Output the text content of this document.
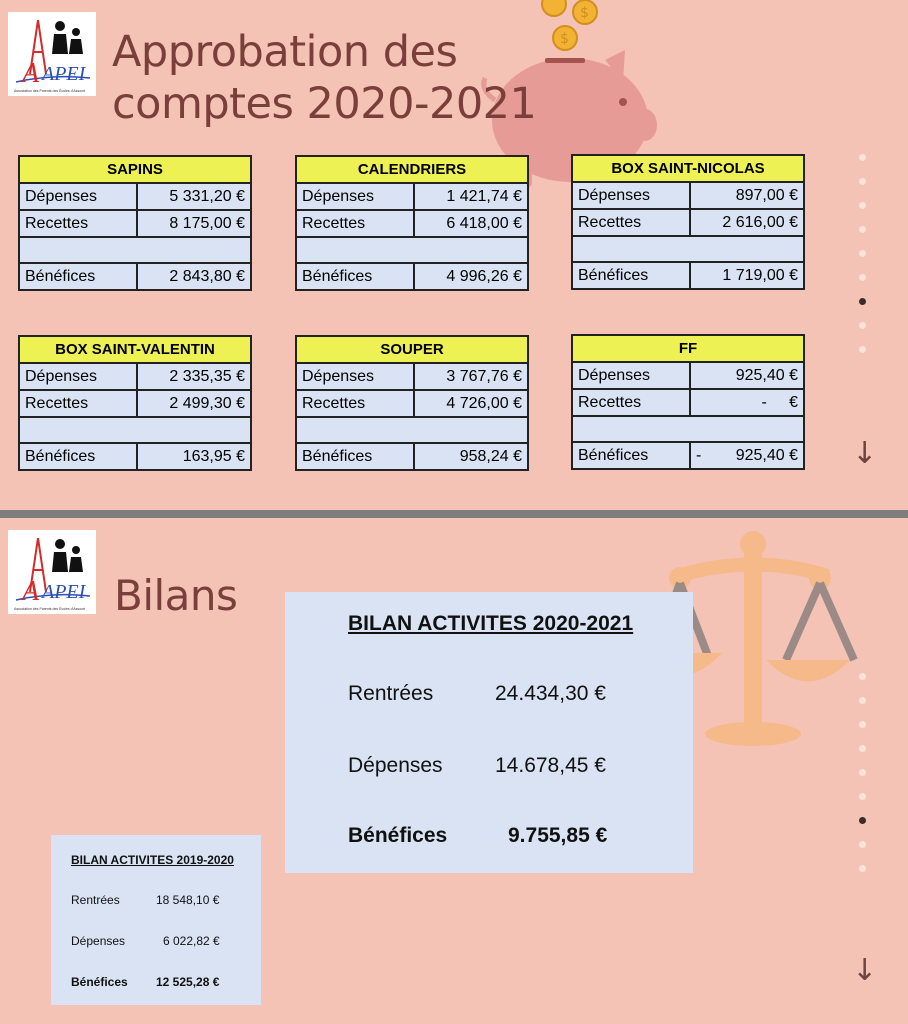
A APEI
Association des Parents des Écoles d'Assoort
$
$
Approbation des comptes 2020-2021
SAPINS	
Dépenses	5 331,20 €
Recettes	8 175,00 €

Bénéfices	2 843,80 €
CALENDRIERS	
Dépenses	1 421,74 €
Recettes	6 418,00 €

Bénéfices	4 996,26 €
BOX SAINT-NICOLAS	
Dépenses	897,00 €
Recettes	2 616,00 €

Bénéfices	1 719,00 €
BOX SAINT-VALENTIN	
Dépenses	2 335,35 €
Recettes	2 499,30 €

Bénéfices	163,95 €
SOUPER	
Dépenses	3 767,76 €
Recettes	4 726,00 €

Bénéfices	958,24 €
FF	
Dépenses	925,40 €
Recettes	-     €

Bénéfices	- 925,40 € ↓
A APEI
Association des Parents des Écoles d'Assoort Bilans
BILAN ACTIVITES 2020-2021
Rentrées	24.434,30 €
Dépenses 14.678,45 €
Bénéfices	9.755,85 €
BILAN ACTIVITES 2019-2020
Rentrées	18 548,10 €
Dépenses	6 022,82 €
Bénéfices 12 525,28 €	↓
